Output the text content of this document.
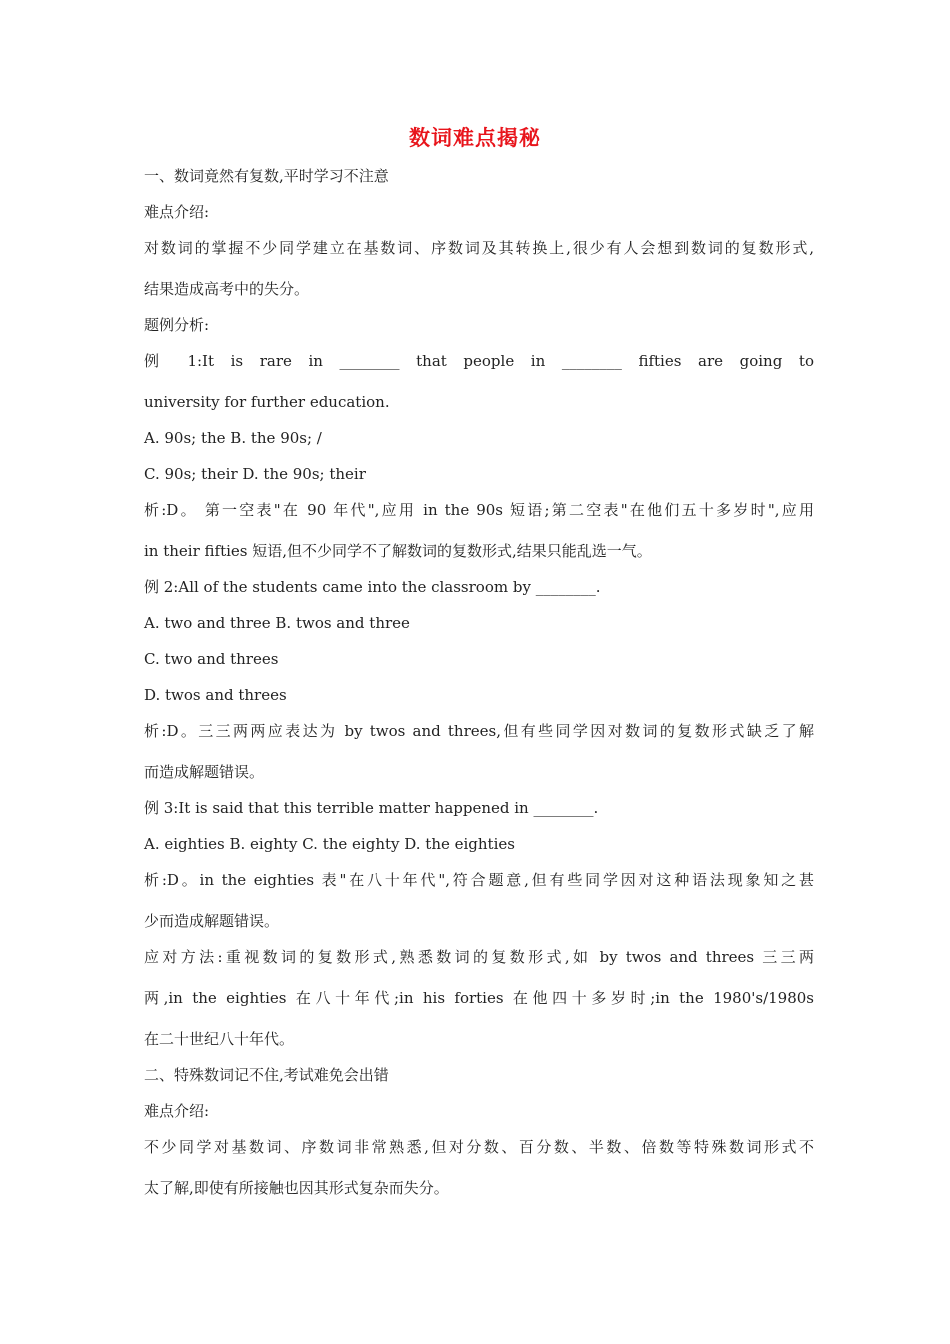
数词难点揭秘
一、数词竟然有复数,平时学习不注意
难点介绍:
对数词的掌握不少同学建立在基数词、序数词及其转换上,很少有人会想到数词的复数形式,
结果造成高考中的失分。
题例分析:
例 1:It is rare in ________ that people in ________ fifties are going to
university for further education.
A. 90s; the B. the 90s; /
C. 90s; their D. the 90s; their
析:D。 第一空表"在 90 年代",应用 in the 90s 短语;第二空表"在他们五十多岁时",应用
in their fifties 短语,但不少同学不了解数词的复数形式,结果只能乱选一气。
例 2:All of the students came into the classroom by ________.
A. two and three B. twos and three
C. two and threes
D. twos and threes
析:D。三三两两应表达为 by twos and threes,但有些同学因对数词的复数形式缺乏了解
而造成解题错误。
例 3:It is said that this terrible matter happened in ________.
A. eighties B. eighty C. the eighty D. the eighties
析:D。in the eighties 表"在八十年代",符合题意,但有些同学因对这种语法现象知之甚
少而造成解题错误。
应对方法:重视数词的复数形式,熟悉数词的复数形式,如 by twos and threes 三三两
两,in the eighties 在八十年代;in his forties 在他四十多岁时;in the 1980's/1980s
在二十世纪八十年代。
二、特殊数词记不住,考试难免会出错
难点介绍:
不少同学对基数词、序数词非常熟悉,但对分数、百分数、半数、倍数等特殊数词形式不
太了解,即使有所接触也因其形式复杂而失分。
